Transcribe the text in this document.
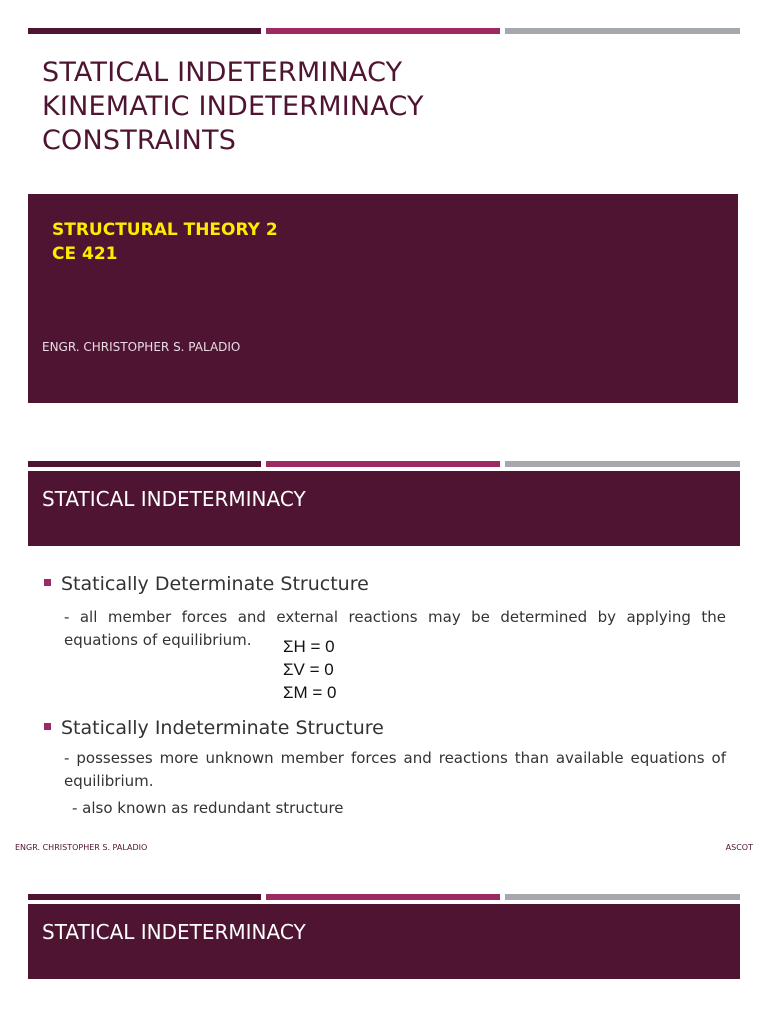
STATICAL INDETERMINACY
KINEMATIC INDETERMINACY
CONSTRAINTS
STRUCTURAL THEORY 2
CE 421
ENGR. CHRISTOPHER S. PALADIO
STATICAL INDETERMINACY
Statically Determinate Structure
- all member forces and external reactions may be determined by applying the
equations of equilibrium. ΣH = 0
ΣV = 0
ΣM = 0
Statically Indeterminate Structure
- possesses more unknown member forces and reactions than available equations of
equilibrium.
- also known as redundant structure
ENGR. CHRISTOPHER S. PALADIO	ASCOT
STATICAL INDETERMINACY
